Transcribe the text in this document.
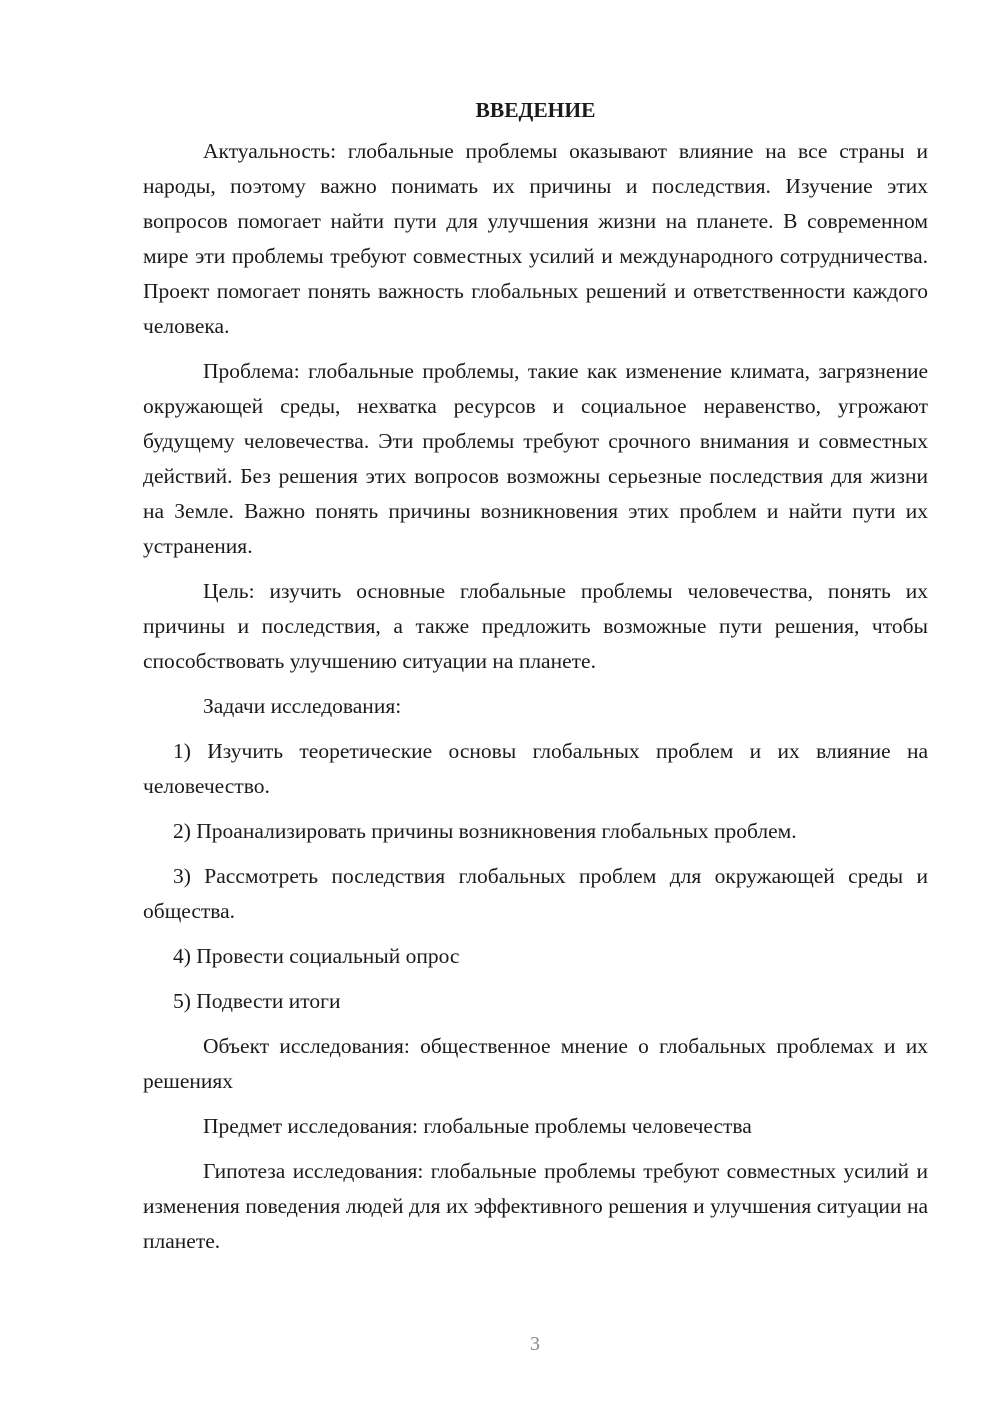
ВВЕДЕНИЕ

Актуальность: глобальные проблемы оказывают влияние на все страны и народы, поэтому важно понимать их причины и последствия. Изучение этих вопросов помогает найти пути для улучшения жизни на планете. В современном мире эти проблемы требуют совместных усилий и международного сотрудничества. Проект помогает понять важность глобальных решений и ответственности каждого человека.

Проблема: глобальные проблемы, такие как изменение климата, загрязнение окружающей среды, нехватка ресурсов и социальное неравенство, угрожают будущему человечества. Эти проблемы требуют срочного внимания и совместных действий. Без решения этих вопросов возможны серьезные последствия для жизни на Земле. Важно понять причины возникновения этих проблем и найти пути их устранения.

Цель: изучить основные глобальные проблемы человечества, понять их причины и последствия, а также предложить возможные пути решения, чтобы способствовать улучшению ситуации на планете.

Задачи исследования:

1) Изучить теоретические основы глобальных проблем и их влияние на человечество.

2) Проанализировать причины возникновения глобальных проблем.

3) Рассмотреть последствия глобальных проблем для окружающей среды и общества.

4) Провести социальный опрос

5) Подвести итоги

Объект исследования: общественное мнение о глобальных проблемах и их решениях

Предмет исследования: глобальные проблемы человечества

Гипотеза исследования: глобальные проблемы требуют совместных усилий и изменения поведения людей для их эффективного решения и улучшения ситуации на планете.

3
